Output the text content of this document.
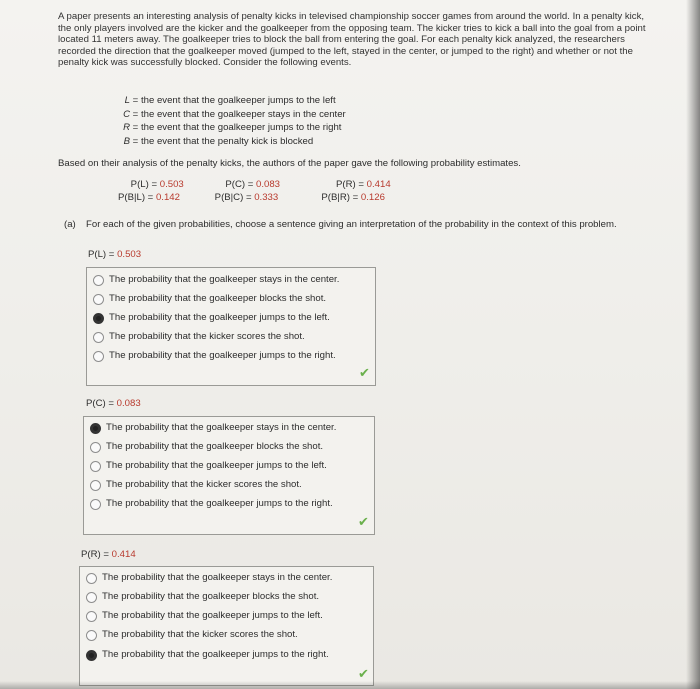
A paper presents an interesting analysis of penalty kicks in televised championship soccer games from around the world. In a penalty kick, the only players involved are the kicker and the goalkeeper from the opposing team. The kicker tries to kick a ball into the goal from a point located 11 meters away. The goalkeeper tries to block the ball from entering the goal. For each penalty kick analyzed, the researchers recorded the direction that the goalkeeper moved (jumped to the left, stayed in the center, or jumped to the right) and whether or not the penalty kick was successfully blocked. Consider the following events.
L = the event that the goalkeeper jumps to the left
C = the event that the goalkeeper stays in the center
R = the event that the goalkeeper jumps to the right
B = the event that the penalty kick is blocked
Based on their analysis of the penalty kicks, the authors of the paper gave the following probability estimates.
P(L) = 0.503	P(C) = 0.083	P(R) = 0.414
P(B|L) = 0.142	P(B|C) = 0.333	P(B|R) = 0.126
(a) For each of the given probabilities, choose a sentence giving an interpretation of the probability in the context of this problem.
P(L) = 0.503
The probability that the goalkeeper stays in the center.
The probability that the goalkeeper blocks the shot.
The probability that the goalkeeper jumps to the left.
The probability that the kicker scores the shot.
The probability that the goalkeeper jumps to the right.
✔
P(C) = 0.083
The probability that the goalkeeper stays in the center.
The probability that the goalkeeper blocks the shot.
The probability that the goalkeeper jumps to the left.
The probability that the kicker scores the shot.
The probability that the goalkeeper jumps to the right.
✔
P(R) = 0.414
The probability that the goalkeeper stays in the center.
The probability that the goalkeeper blocks the shot.
The probability that the goalkeeper jumps to the left.
The probability that the kicker scores the shot.
The probability that the goalkeeper jumps to the right.
✔
